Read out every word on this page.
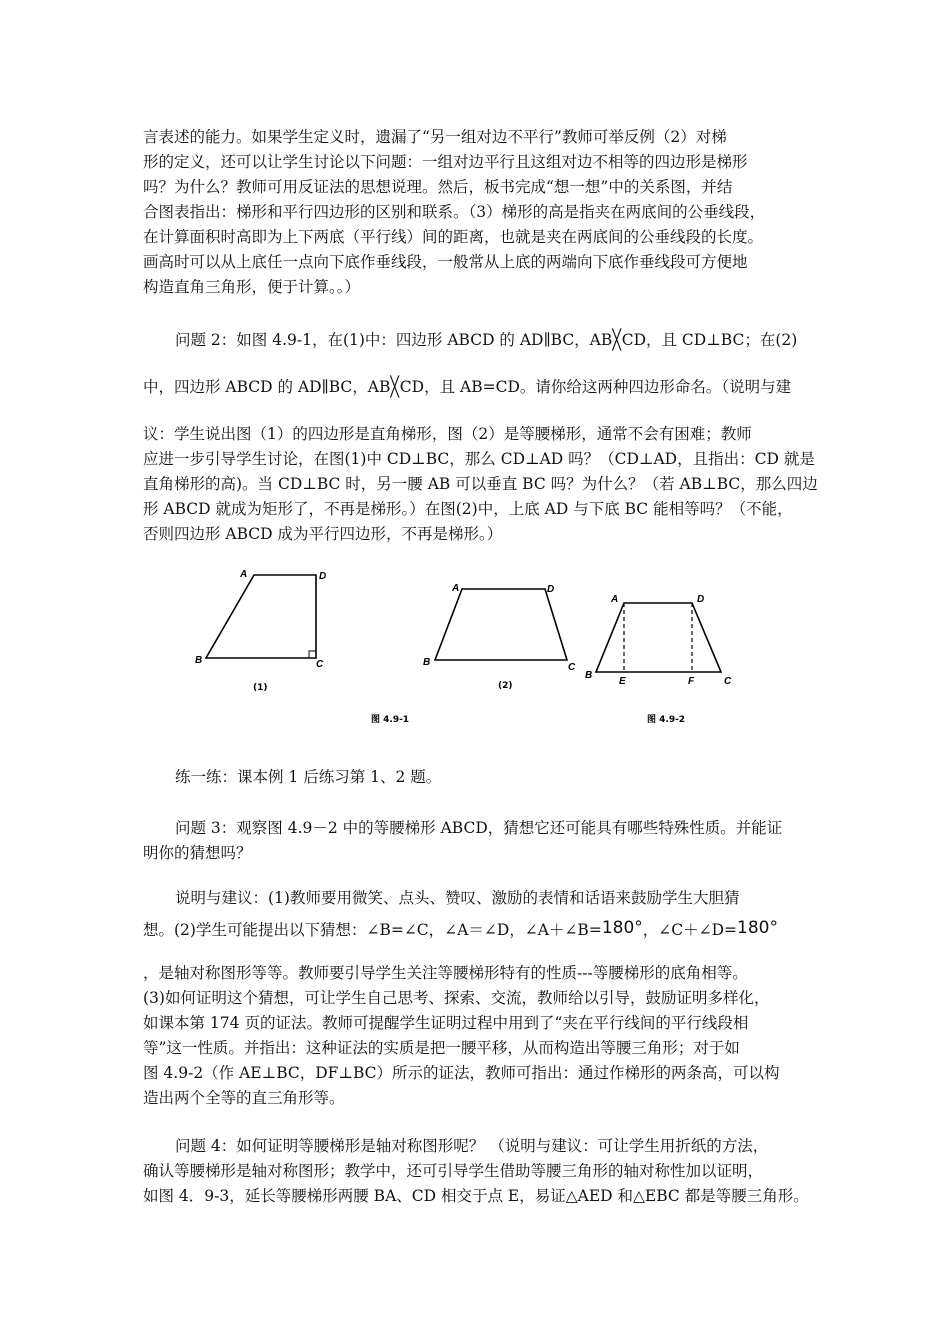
言表述的能力。如果学生定义时，遗漏了“另一组对边不平行”教师可举反例（2）对梯
形的定义，还可以让学生讨论以下问题：一组对边平行且这组对边不相等的四边形是梯形
吗？为什么？教师可用反证法的思想说理。然后，板书完成“想一想”中的关系图，并结
合图表指出：梯形和平行四边形的区别和联系。（3）梯形的高是指夹在两底间的公垂线段，
在计算面积时高即为上下两底（平行线）间的距离，也就是夹在两底间的公垂线段的长度。
画高时可以从上底任一点向下底作垂线段，一般常从上底的两端向下底作垂线段可方便地
构造直角三角形，便于计算。。）
问题 2：如图 4.9-1，在(1)中：四边形 ABCD 的 AD∥BC，AB╳CD，且 CD⊥BC；在(2)
中，四边形 ABCD 的 AD∥BC，AB╳CD，且 AB=CD。请你给这两种四边形命名。（说明与建
议：学生说出图（1）的四边形是直角梯形，图（2）是等腰梯形，通常不会有困难；教师
应进一步引导学生讨论，在图(1)中 CD⊥BC，那么 CD⊥AD 吗？（CD⊥AD，且指出：CD 就是
直角梯形的高)。当 CD⊥BC 时，另一腰 AB 可以垂直 BC 吗？为什么？（若 AB⊥BC，那么四边
形 ABCD 就成为矩形了，不再是梯形。）在图(2)中，上底 AD 与下底 BC 能相等吗？（不能，
否则四边形 ABCD 成为平行四边形，不再是梯形。）
A	D
B	C
(1)
A	D
B	C
(2)
A	D
B
E	F	C
图 4.9-1	图 4.9-2
练一练：课本例 1 后练习第 1、2 题。
问题 3：观察图 4.9－2 中的等腰梯形 ABCD，猜想它还可能具有哪些特殊性质。并能证
明你的猜想吗？
说明与建议：(1)教师要用微笑、点头、赞叹、激励的表情和话语来鼓励学生大胆猜
想。(2)学生可能提出以下猜想：∠B=∠C，∠A＝∠D，∠A＋∠B=180°，∠C＋∠D=180°
，是轴对称图形等等。教师要引导学生关注等腰梯形特有的性质---等腰梯形的底角相等。
(3)如何证明这个猜想，可让学生自己思考、探索、交流，教师给以引导，鼓励证明多样化，
如课本第 174 页的证法。教师可提醒学生证明过程中用到了“夹在平行线间的平行线段相
等”这一性质。并指出：这种证法的实质是把一腰平移，从而构造出等腰三角形；对于如
图 4.9-2（作 AE⊥BC，DF⊥BC）所示的证法，教师可指出：通过作梯形的两条高，可以构
造出两个全等的直三角形等。
问题 4：如何证明等腰梯形是轴对称图形呢？ （说明与建议：可让学生用折纸的方法，
确认等腰梯形是轴对称图形；教学中，还可引导学生借助等腰三角形的轴对称性加以证明，
如图 4．9-3，延长等腰梯形两腰 BA、CD 相交于点 E，易证△AED 和△EBC 都是等腰三角形。
